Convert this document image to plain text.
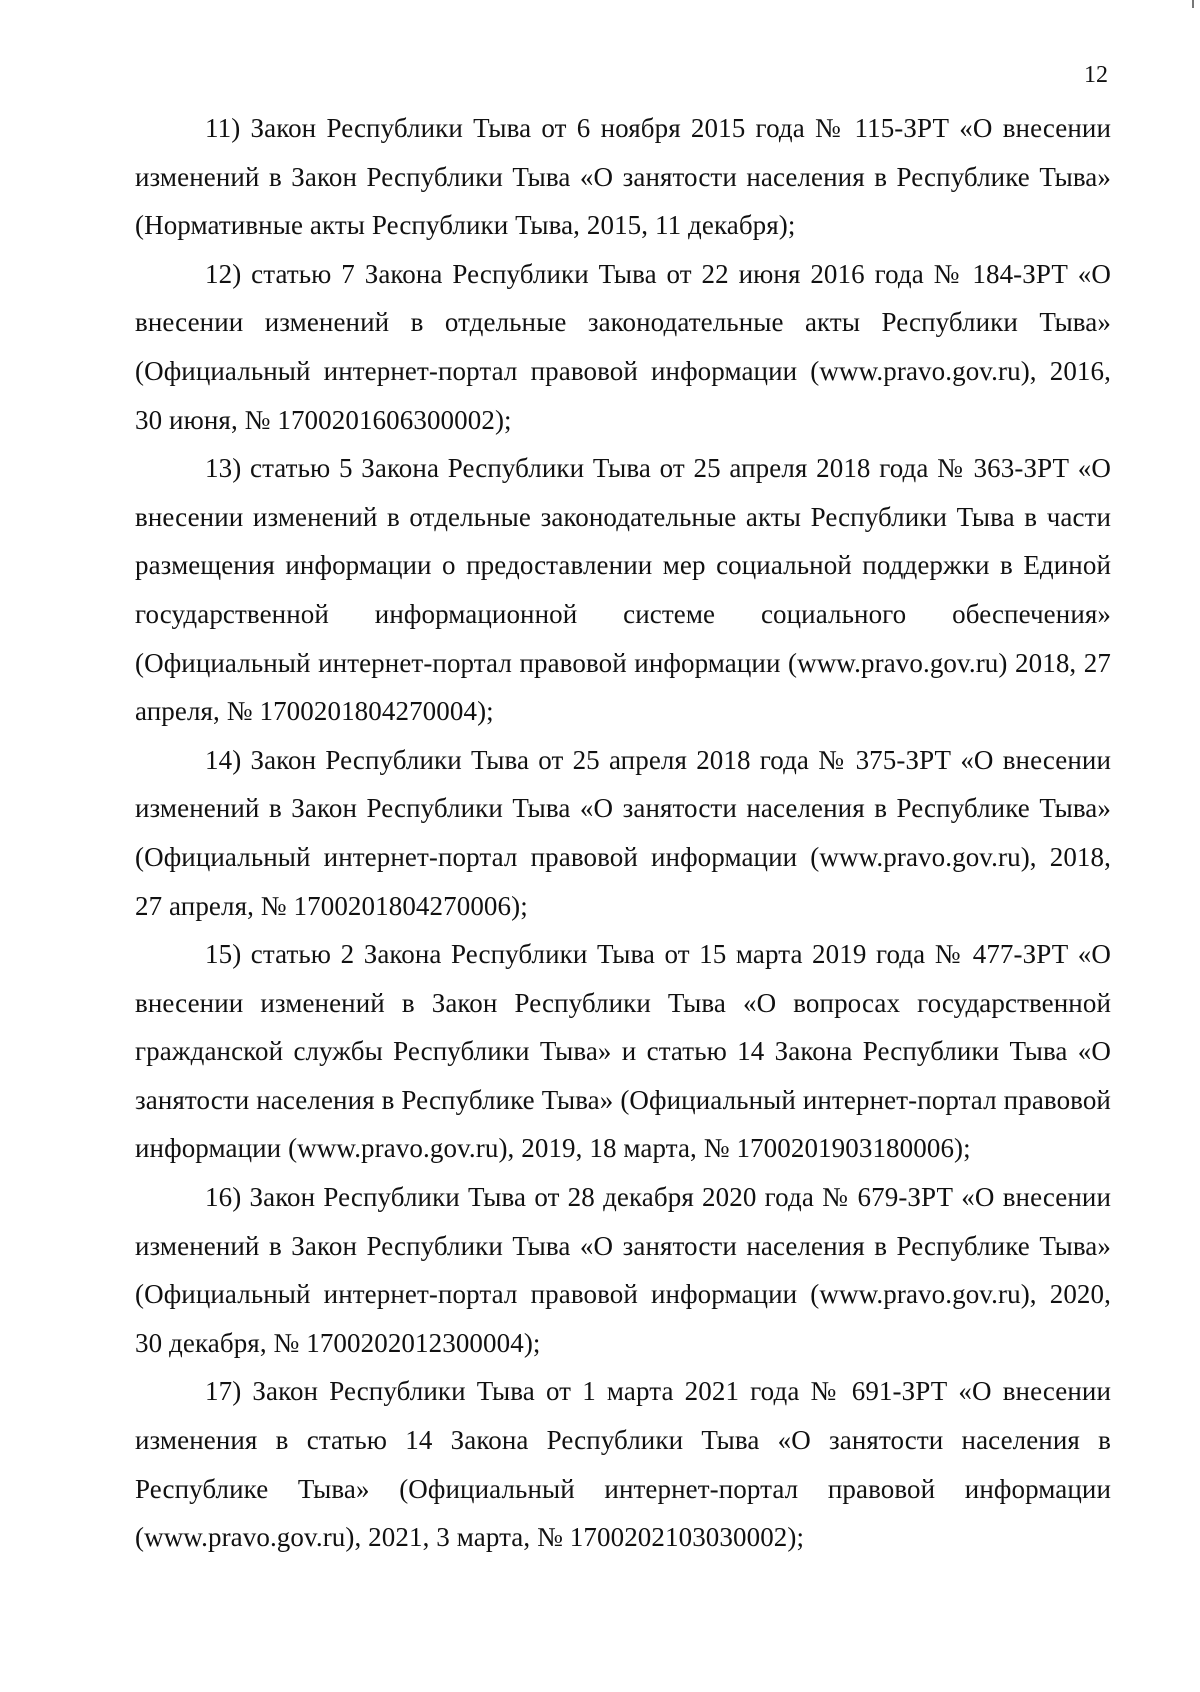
12

11) Закон Республики Тыва от 6 ноября 2015 года № 115-ЗРТ «О внесении изменений в Закон Республики Тыва «О занятости населения в Республике Тыва» (Нормативные акты Республики Тыва, 2015, 11 декабря);

12) статью 7 Закона Республики Тыва от 22 июня 2016 года № 184-ЗРТ «О внесении изменений в отдельные законодательные акты Республики Тыва» (Официальный интернет-портал правовой информации (www.pravo.gov.ru), 2016, 30 июня, № 1700201606300002);

13) статью 5 Закона Республики Тыва от 25 апреля 2018 года № 363-ЗРТ «О внесении изменений в отдельные законодательные акты Республики Тыва в части размещения информации о предоставлении мер социальной поддержки в Единой государственной информационной системе социального обеспечения» (Официальный интернет-портал правовой информации (www.pravo.gov.ru) 2018, 27 апреля, № 1700201804270004);

14) Закон Республики Тыва от 25 апреля 2018 года № 375-ЗРТ «О внесении изменений в Закон Республики Тыва «О занятости населения в Республике Тыва» (Официальный интернет-портал правовой информации (www.pravo.gov.ru), 2018, 27 апреля, № 1700201804270006);

15) статью 2 Закона Республики Тыва от 15 марта 2019 года № 477-ЗРТ «О внесении изменений в Закон Республики Тыва «О вопросах государственной гражданской службы Республики Тыва» и статью 14 Закона Республики Тыва «О занятости населения в Республике Тыва» (Официальный интернет-портал правовой информации (www.pravo.gov.ru), 2019, 18 марта, № 1700201903180006);

16) Закон Республики Тыва от 28 декабря 2020 года № 679-ЗРТ «О внесении изменений в Закон Республики Тыва «О занятости населения в Республике Тыва» (Официальный интернет-портал правовой информации (www.pravo.gov.ru), 2020, 30 декабря, № 1700202012300004);

17) Закон Республики Тыва от 1 марта 2021 года № 691-ЗРТ «О внесении изменения в статью 14 Закона Республики Тыва «О занятости населения в Республике Тыва» (Официальный интернет-портал правовой информации (www.pravo.gov.ru), 2021, 3 марта, № 1700202103030002);
